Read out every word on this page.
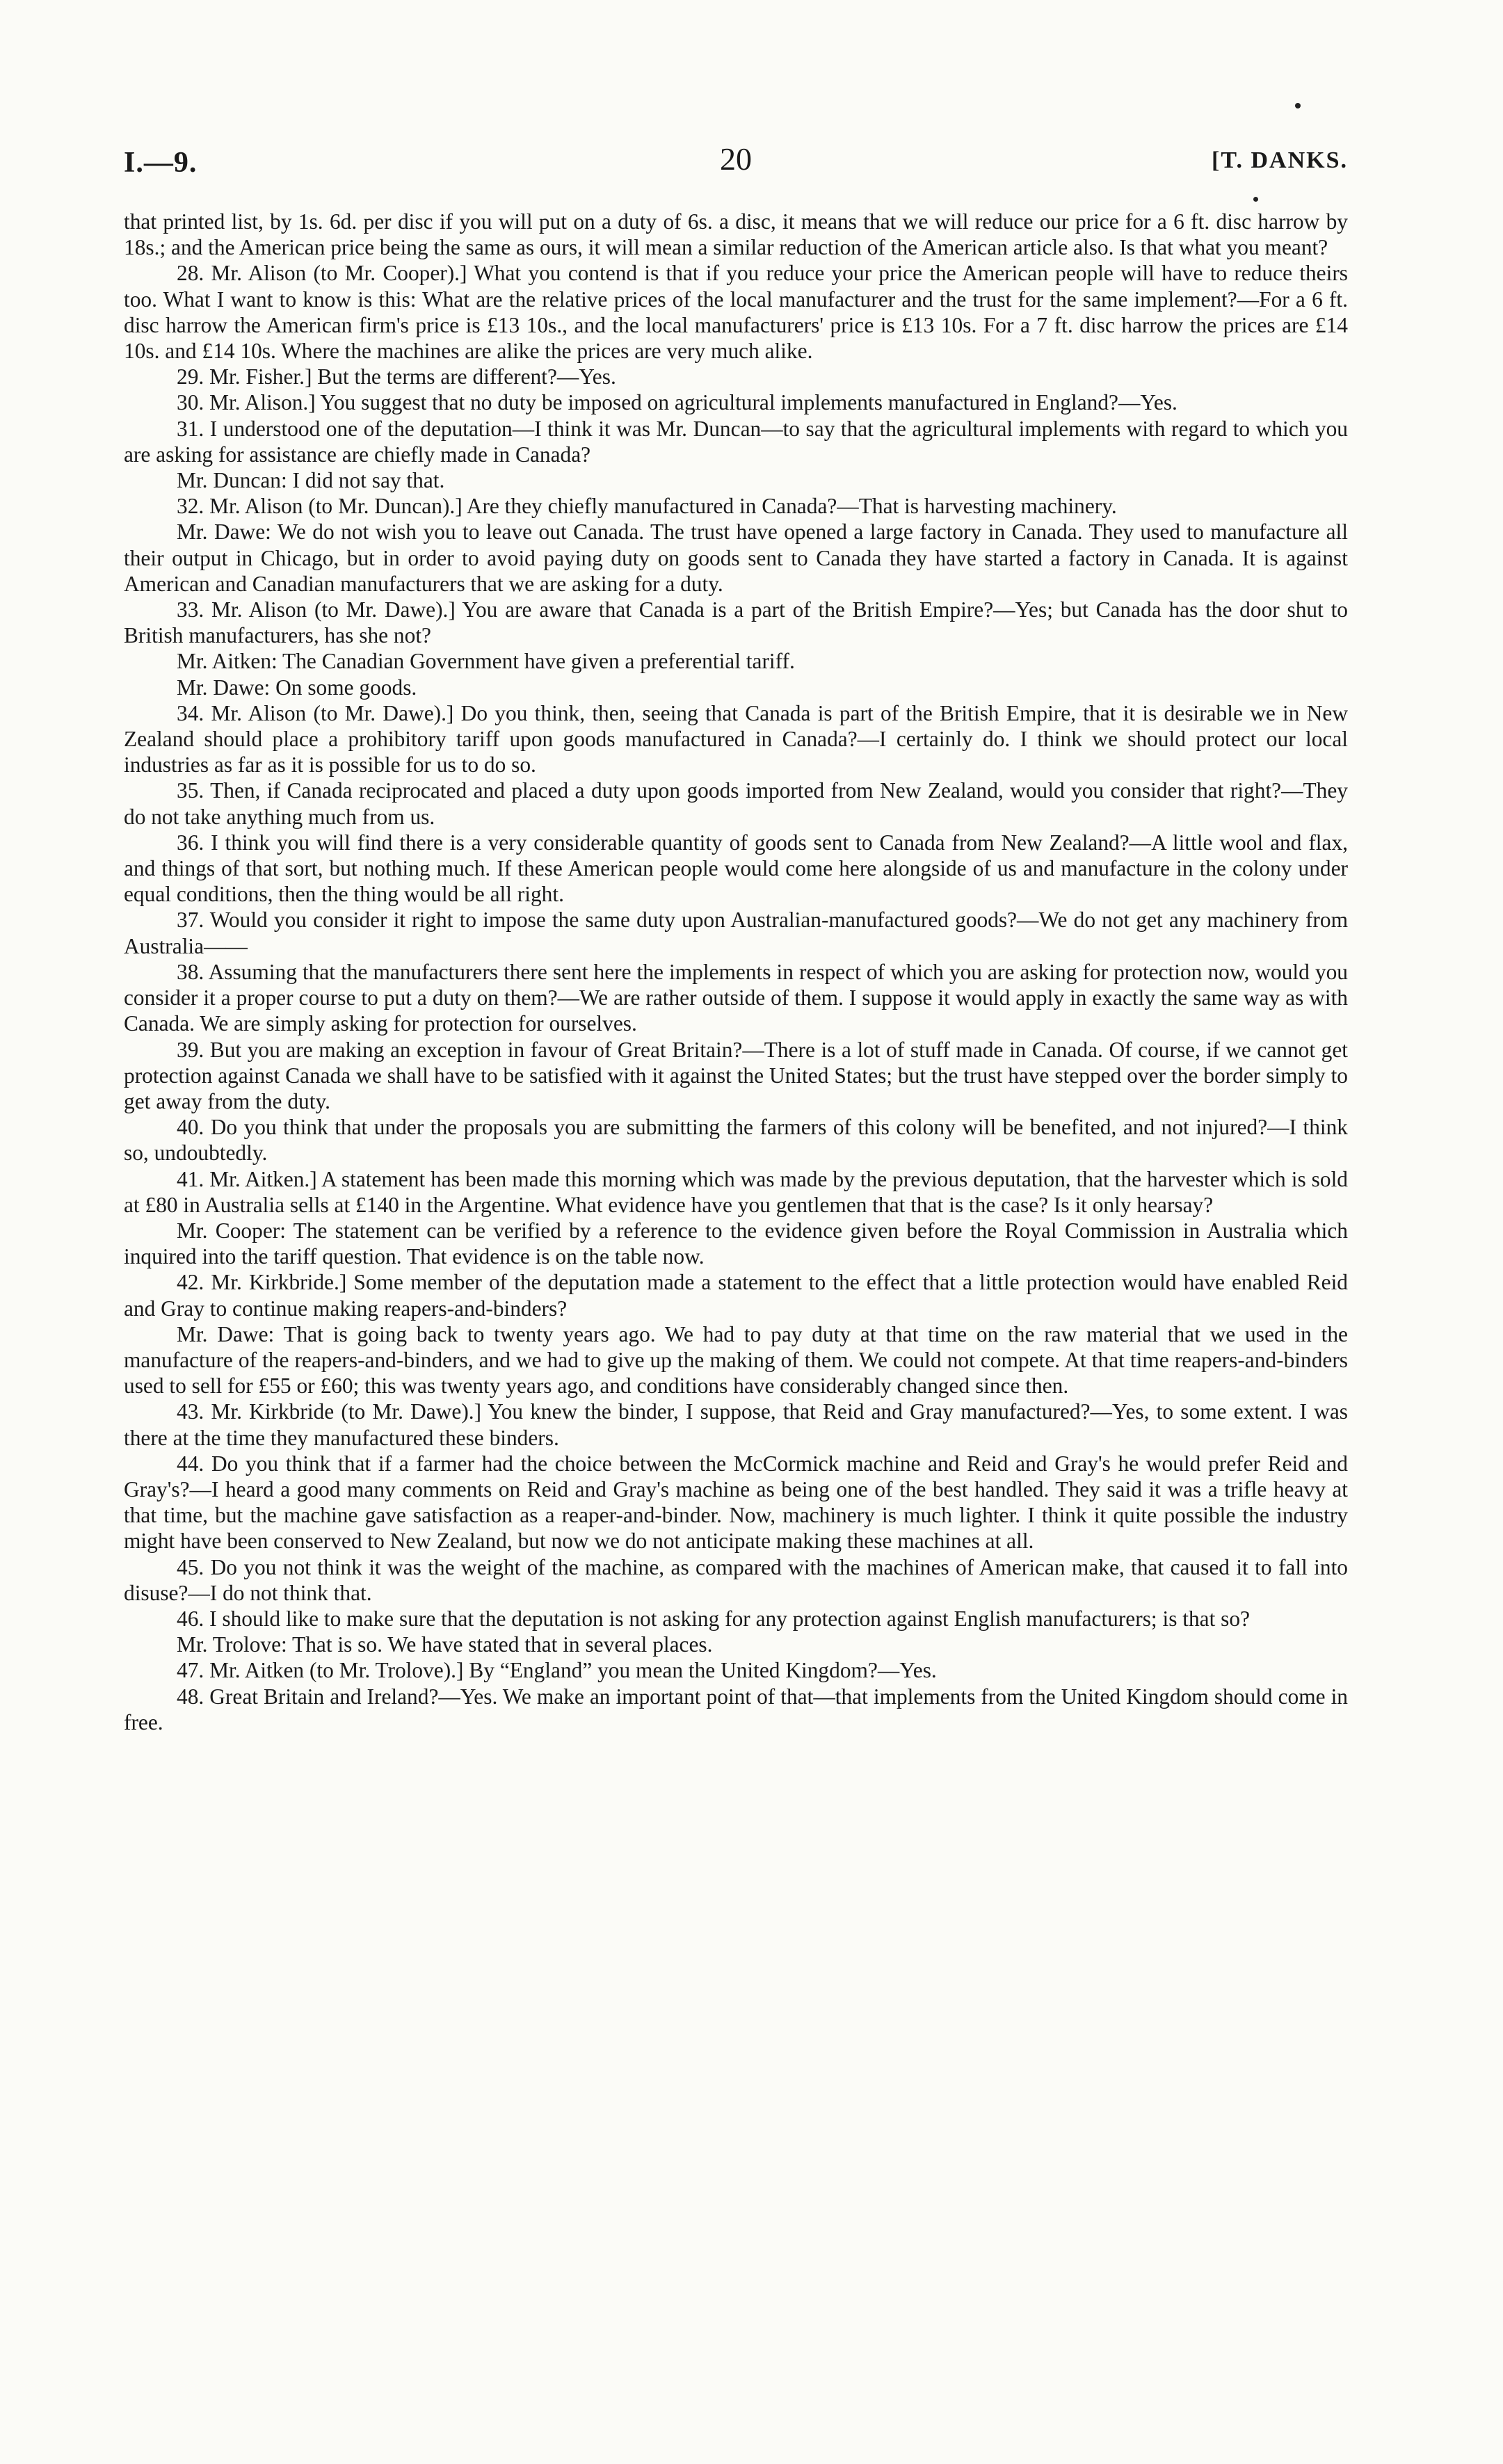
I.—9.	20	[T. DANKS.

that printed list, by 1s. 6d. per disc if you will put on a duty of 6s. a disc, it means that we will reduce our price for a 6 ft. disc harrow by 18s.; and the American price being the same as ours, it will mean a similar reduction of the American article also. Is that what you meant?

28. Mr. Alison (to Mr. Cooper).] What you contend is that if you reduce your price the American people will have to reduce theirs too. What I want to know is this: What are the relative prices of the local manufacturer and the trust for the same implement?—For a 6 ft. disc harrow the American firm's price is £13 10s., and the local manufacturers' price is £13 10s. For a 7 ft. disc harrow the prices are £14 10s. and £14 10s. Where the machines are alike the prices are very much alike.

29. Mr. Fisher.] But the terms are different?—Yes.

30. Mr. Alison.] You suggest that no duty be imposed on agricultural implements manufactured in England?—Yes.

31. I understood one of the deputation—I think it was Mr. Duncan—to say that the agricultural implements with regard to which you are asking for assistance are chiefly made in Canada?

Mr. Duncan: I did not say that.

32. Mr. Alison (to Mr. Duncan).] Are they chiefly manufactured in Canada?—That is harvesting machinery.

Mr. Dawe: We do not wish you to leave out Canada. The trust have opened a large factory in Canada. They used to manufacture all their output in Chicago, but in order to avoid paying duty on goods sent to Canada they have started a factory in Canada. It is against American and Canadian manufacturers that we are asking for a duty.

33. Mr. Alison (to Mr. Dawe).] You are aware that Canada is a part of the British Empire?—Yes; but Canada has the door shut to British manufacturers, has she not?

Mr. Aitken: The Canadian Government have given a preferential tariff.

Mr. Dawe: On some goods.

34. Mr. Alison (to Mr. Dawe).] Do you think, then, seeing that Canada is part of the British Empire, that it is desirable we in New Zealand should place a prohibitory tariff upon goods manufactured in Canada?—I certainly do. I think we should protect our local industries as far as it is possible for us to do so.

35. Then, if Canada reciprocated and placed a duty upon goods imported from New Zealand, would you consider that right?—They do not take anything much from us.

36. I think you will find there is a very considerable quantity of goods sent to Canada from New Zealand?—A little wool and flax, and things of that sort, but nothing much. If these American people would come here alongside of us and manufacture in the colony under equal conditions, then the thing would be all right.

37. Would you consider it right to impose the same duty upon Australian-manufactured goods?—We do not get any machinery from Australia——

38. Assuming that the manufacturers there sent here the implements in respect of which you are asking for protection now, would you consider it a proper course to put a duty on them?—We are rather outside of them. I suppose it would apply in exactly the same way as with Canada. We are simply asking for protection for ourselves.

39. But you are making an exception in favour of Great Britain?—There is a lot of stuff made in Canada. Of course, if we cannot get protection against Canada we shall have to be satisfied with it against the United States; but the trust have stepped over the border simply to get away from the duty.

40. Do you think that under the proposals you are submitting the farmers of this colony will be benefited, and not injured?—I think so, undoubtedly.

41. Mr. Aitken.] A statement has been made this morning which was made by the previous deputation, that the harvester which is sold at £80 in Australia sells at £140 in the Argentine. What evidence have you gentlemen that that is the case? Is it only hearsay?

Mr. Cooper: The statement can be verified by a reference to the evidence given before the Royal Commission in Australia which inquired into the tariff question. That evidence is on the table now.

42. Mr. Kirkbride.] Some member of the deputation made a statement to the effect that a little protection would have enabled Reid and Gray to continue making reapers-and-binders?

Mr. Dawe: That is going back to twenty years ago. We had to pay duty at that time on the raw material that we used in the manufacture of the reapers-and-binders, and we had to give up the making of them. We could not compete. At that time reapers-and-binders used to sell for £55 or £60; this was twenty years ago, and conditions have considerably changed since then.

43. Mr. Kirkbride (to Mr. Dawe).] You knew the binder, I suppose, that Reid and Gray manufactured?—Yes, to some extent. I was there at the time they manufactured these binders.

44. Do you think that if a farmer had the choice between the McCormick machine and Reid and Gray's he would prefer Reid and Gray's?—I heard a good many comments on Reid and Gray's machine as being one of the best handled. They said it was a trifle heavy at that time, but the machine gave satisfaction as a reaper-and-binder. Now, machinery is much lighter. I think it quite possible the industry might have been conserved to New Zealand, but now we do not anticipate making these machines at all.

45. Do you not think it was the weight of the machine, as compared with the machines of American make, that caused it to fall into disuse?—I do not think that.

46. I should like to make sure that the deputation is not asking for any protection against English manufacturers; is that so?

Mr. Trolove: That is so. We have stated that in several places.

47. Mr. Aitken (to Mr. Trolove).] By “England” you mean the United Kingdom?—Yes.

48. Great Britain and Ireland?—Yes. We make an important point of that—that implements from the United Kingdom should come in free.
